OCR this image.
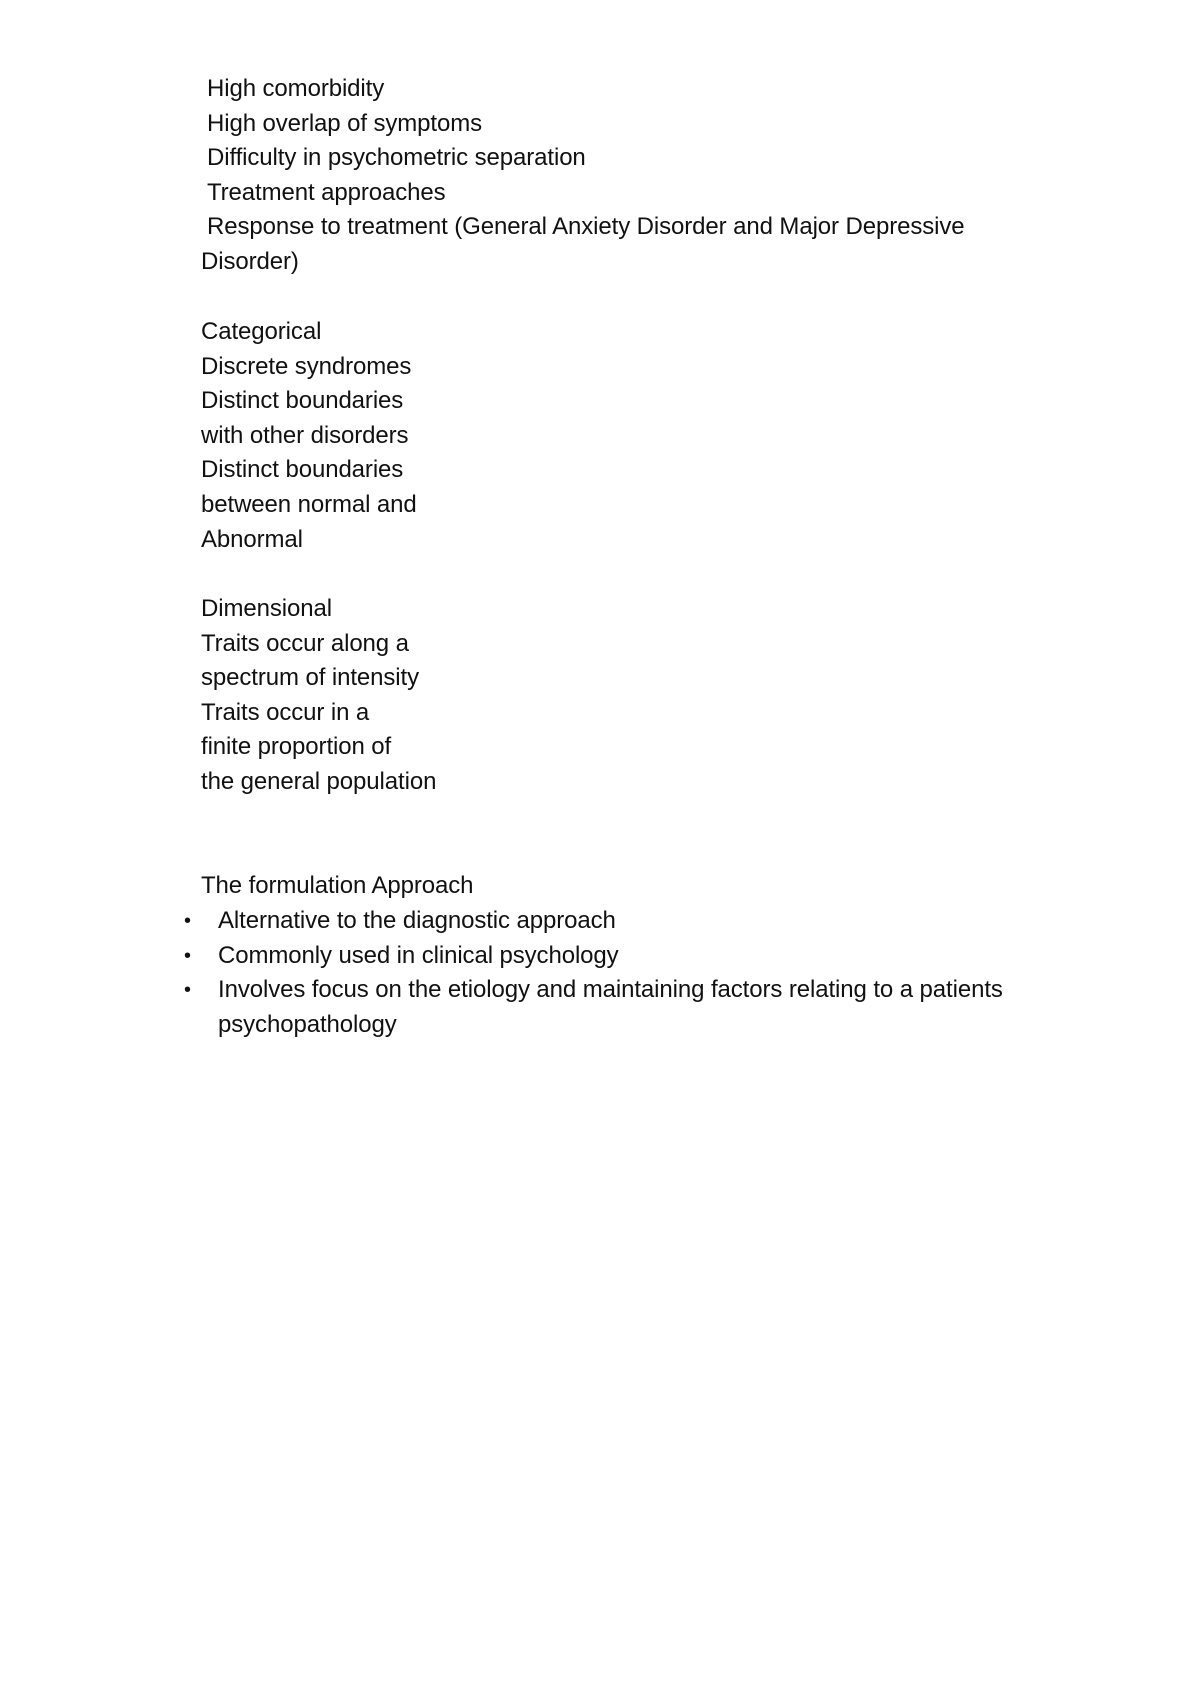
High comorbidity
High overlap of symptoms
Difficulty in psychometric separation
Treatment approaches
Response to treatment (General Anxiety Disorder and Major Depressive
Disorder)
Categorical
Discrete syndromes
Distinct boundaries
with other disorders
Distinct boundaries
between normal and
Abnormal
Dimensional
Traits occur along a
spectrum of intensity
Traits occur in a
finite proportion of
the general population
The formulation Approach
• Alternative to the diagnostic approach
• Commonly used in clinical psychology
• Involves focus on the etiology and maintaining factors relating to a patients psychopathology
